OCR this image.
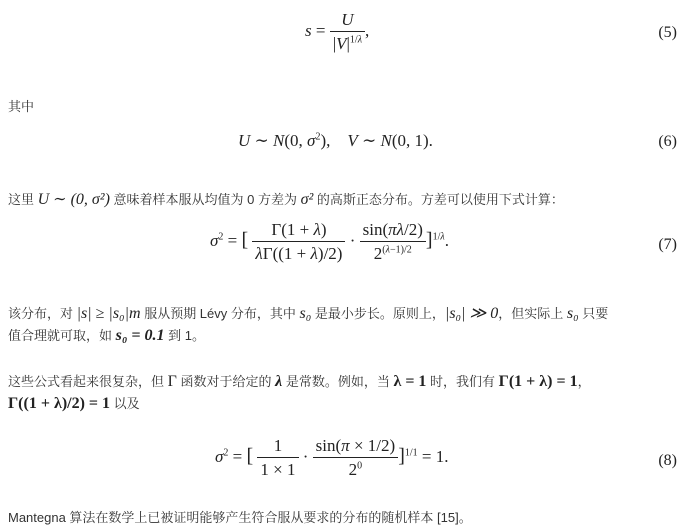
$s = \frac{U}{|V|^{1/\lambda}}$ ,	(5)
其中
U ∼ N(0, $\sigma^2$),    V ∼ N(0, 1).	(6)
这里 U ∼ (0, σ²) 意味着样本服从均值为 0 方差为 σ² 的高斯正态分布。方差可以使用下式计算：
$\sigma^2$ = [ $\frac{\Gamma(1 + \lambda)}{\lambda\Gamma((1 + \lambda)/2)} \cdot \frac{\sin(\pi\lambda/2)}{2^{(\lambda-1)/2}} ]^{1/\lambda}$.	(7)
该分布，对 |s| ≥ |s₀|m 服从预期 Lévy 分布，其中 s₀ 是最小步长。原则上，|s₀| ≫ 0，但实际上 s₀ 只要
值合理就可取，如 s₀ = 0.1 到 1。
这些公式看起来很复杂，但 Γ 函数对于给定的 λ 是常数。例如，当 λ = 1 时，我们有 Γ(1 + λ) = 1，
Γ((1 + λ)/2) = 1 以及
$\sigma^2$ = [ $\frac{1}{1 \times 1} \cdot \frac{\sin(\pi \times 1/2)}{2^0} ]^{1/1} = 1$.	(8)
Mantegna 算法在数学上已被证明能够产生符合服从要求的分布的随机样本 [15]。
